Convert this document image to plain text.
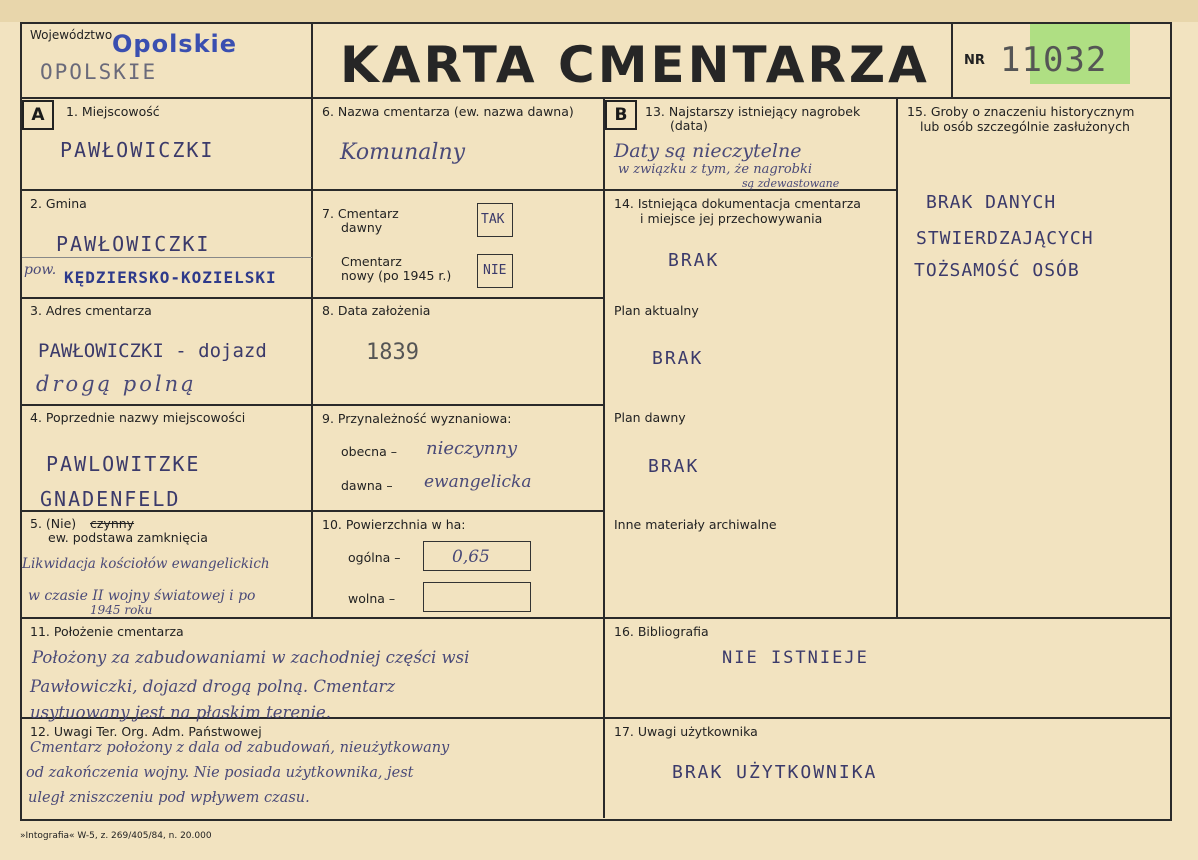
Województwo Opolskie
OPOLSKIE	KARTA CMENTARZA	NR 11032
A	B
1. Miejscowość
PAWŁOWICZKI
2. Gmina
PAWŁOWICZKI
pow. KĘDZIERSKO-KOZIELSKI
3. Adres cmentarza
PAWŁOWICZKI - dojazd
drogą polną
4. Poprzednie nazwy miejscowości
PAWLOWITZKE
GNADENFELD
5. (Nie) czynny
ew. podstawa zamknięcia
Likwidacja kościołów ewangelickich
w czasie II wojny światowej i po
1945 roku
6. Nazwa cmentarza (ew. nazwa dawna)
Komunalny
7. Cmentarz
dawny
TAK
Cmentarz
nowy (po 1945 r.) NIE
8. Data założenia
1839
9. Przynależność wyznaniowa:
obecna – nieczynny
dawna – ewangelicka
10. Powierzchnia w ha:
ogólna –	0,65
wolna –
13. Najstarszy istniejący nagrobek
(data)
Daty są nieczytelne
w związku z tym, że nagrobki
są zdewastowane
14. Istniejąca dokumentacja cmentarza
i miejsce jej przechowywania
BRAK
Plan aktualny
BRAK
Plan dawny
BRAK
Inne materiały archiwalne
15. Groby o znaczeniu historycznym
lub osób szczególnie zasłużonych
BRAK DANYCH
STWIERDZAJĄCYCH
TOŻSAMOŚĆ OSÓB
11. Położenie cmentarza
Położony za zabudowaniami w zachodniej części wsi
Pawłowiczki, dojazd drogą polną. Cmentarz
usytuowany jest na płaskim terenie.
12. Uwagi Ter. Org. Adm. Państwowej
Cmentarz położony z dala od zabudowań, nieużytkowany
od zakończenia wojny. Nie posiada użytkownika, jest
uległ zniszczeniu pod wpływem czasu.
16. Bibliografia
NIE ISTNIEJE
17. Uwagi użytkownika
BRAK UŻYTKOWNIKA
»Intografia« W-5, z. 269/405/84, n. 20.000
